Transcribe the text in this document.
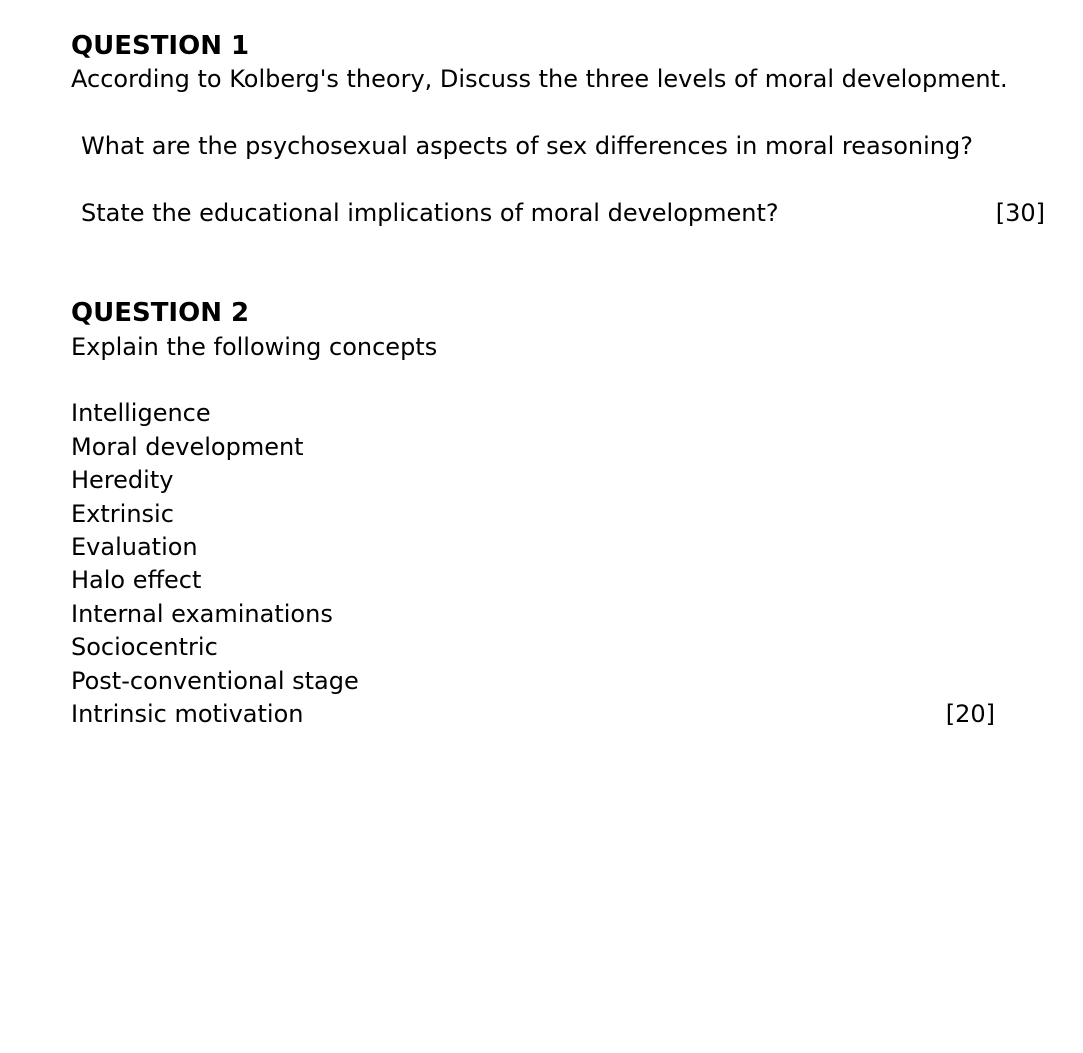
QUESTION 1
According to Kolberg's theory, Discuss the three levels of moral development.
What are the psychosexual aspects of sex differences in moral reasoning?
State the educational implications of moral development?	[30]
QUESTION 2
Explain the following concepts
Intelligence
Moral development
Heredity
Extrinsic
Evaluation
Halo effect
Internal examinations
Sociocentric
Post-conventional stage
Intrinsic motivation	[20]
